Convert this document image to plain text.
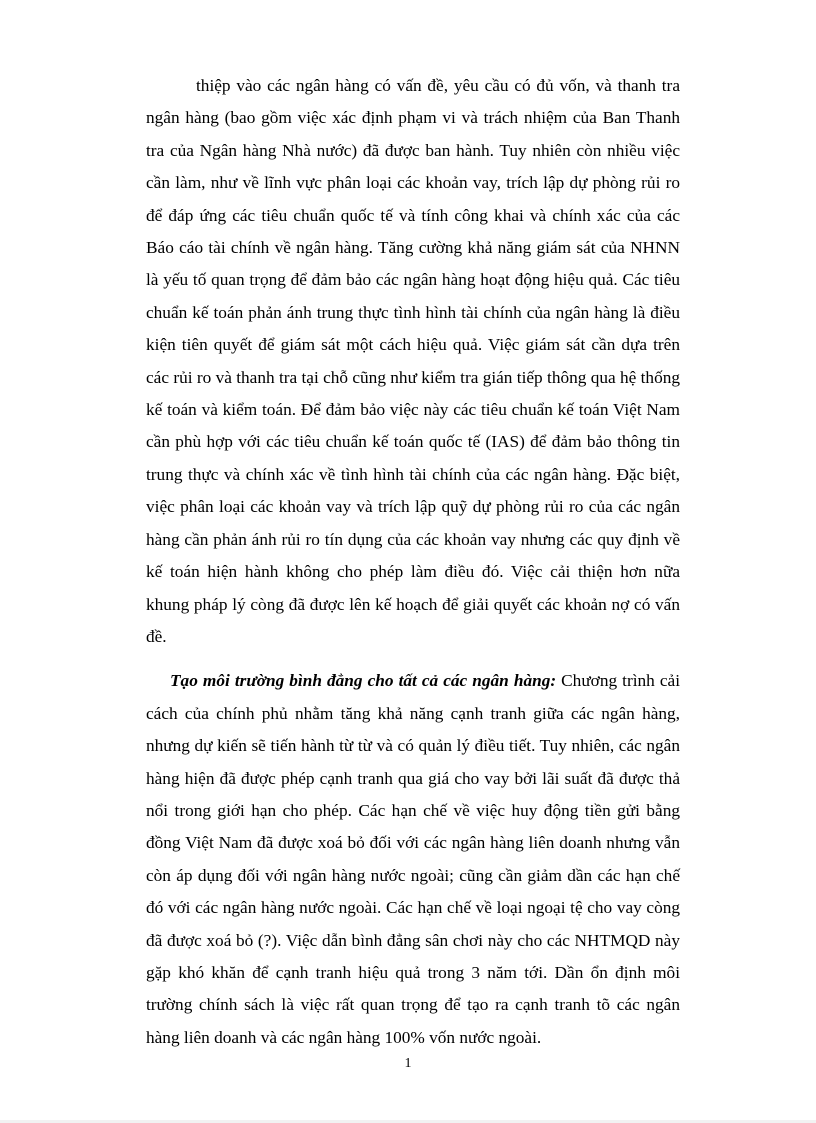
thiệp vào các ngân hàng có vấn đề, yêu cầu có đủ vốn, và thanh tra ngân hàng (bao gồm việc xác định phạm vi và trách nhiệm của Ban Thanh tra của Ngân hàng Nhà nước) đã được ban hành. Tuy nhiên còn nhiều việc cần làm, như về lĩnh vực phân loại các khoản vay, trích lập dự phòng rủi ro để đáp ứng các tiêu chuẩn quốc tế và tính công khai và chính xác của các Báo cáo tài chính về ngân hàng. Tăng cường khả năng giám sát của NHNN là yếu tố quan trọng để đảm bảo các ngân hàng hoạt động hiệu quả. Các tiêu chuẩn kế toán phản ánh trung thực tình hình tài chính của ngân hàng là điều kiện tiên quyết để giám sát một cách hiệu quả. Việc giám sát cần dựa trên các rủi ro và thanh tra tại chỗ cũng như kiểm tra gián tiếp thông qua hệ thống kế toán và kiểm toán. Để đảm bảo việc này các tiêu chuẩn kế toán Việt Nam cần phù hợp với các tiêu chuẩn kế toán quốc tế (IAS) để đảm bảo thông tin trung thực và chính xác về tình hình tài chính của các ngân hàng. Đặc biệt, việc phân loại các khoản vay và trích lập quỹ dự phòng rủi ro của các ngân hàng cần phản ánh rủi ro tín dụng của các khoản vay nhưng các quy định về kế toán hiện hành không cho phép làm điều đó. Việc cải thiện hơn nữa khung pháp lý còng đã được lên kế hoạch để giải quyết các khoản nợ có vấn đề.

Tạo môi trường bình đẳng cho tất cả các ngân hàng: Chương trình cải cách của chính phủ nhằm tăng khả năng cạnh tranh giữa các ngân hàng, nhưng dự kiến sẽ tiến hành từ từ và có quản lý điều tiết. Tuy nhiên, các ngân hàng hiện đã được phép cạnh tranh qua giá cho vay bởi lãi suất đã được thả nổi trong giới hạn cho phép. Các hạn chế về việc huy động tiền gửi bằng đồng Việt Nam đã được xoá bỏ đối với các ngân hàng liên doanh nhưng vẫn còn áp dụng đối với ngân hàng nước ngoài; cũng cần giảm dần các hạn chế đó với các ngân hàng nước ngoài. Các hạn chế về loại ngoại tệ cho vay còng đã được xoá bỏ (?). Việc dẫn bình đẳng sân chơi này cho các NHTMQD này gặp khó khăn để cạnh tranh hiệu quả trong 3 năm tới. Dần ổn định môi trường chính sách là việc rất quan trọng để tạo ra cạnh tranh tõ các ngân hàng liên doanh và các ngân hàng 100% vốn nước ngoài.

1
